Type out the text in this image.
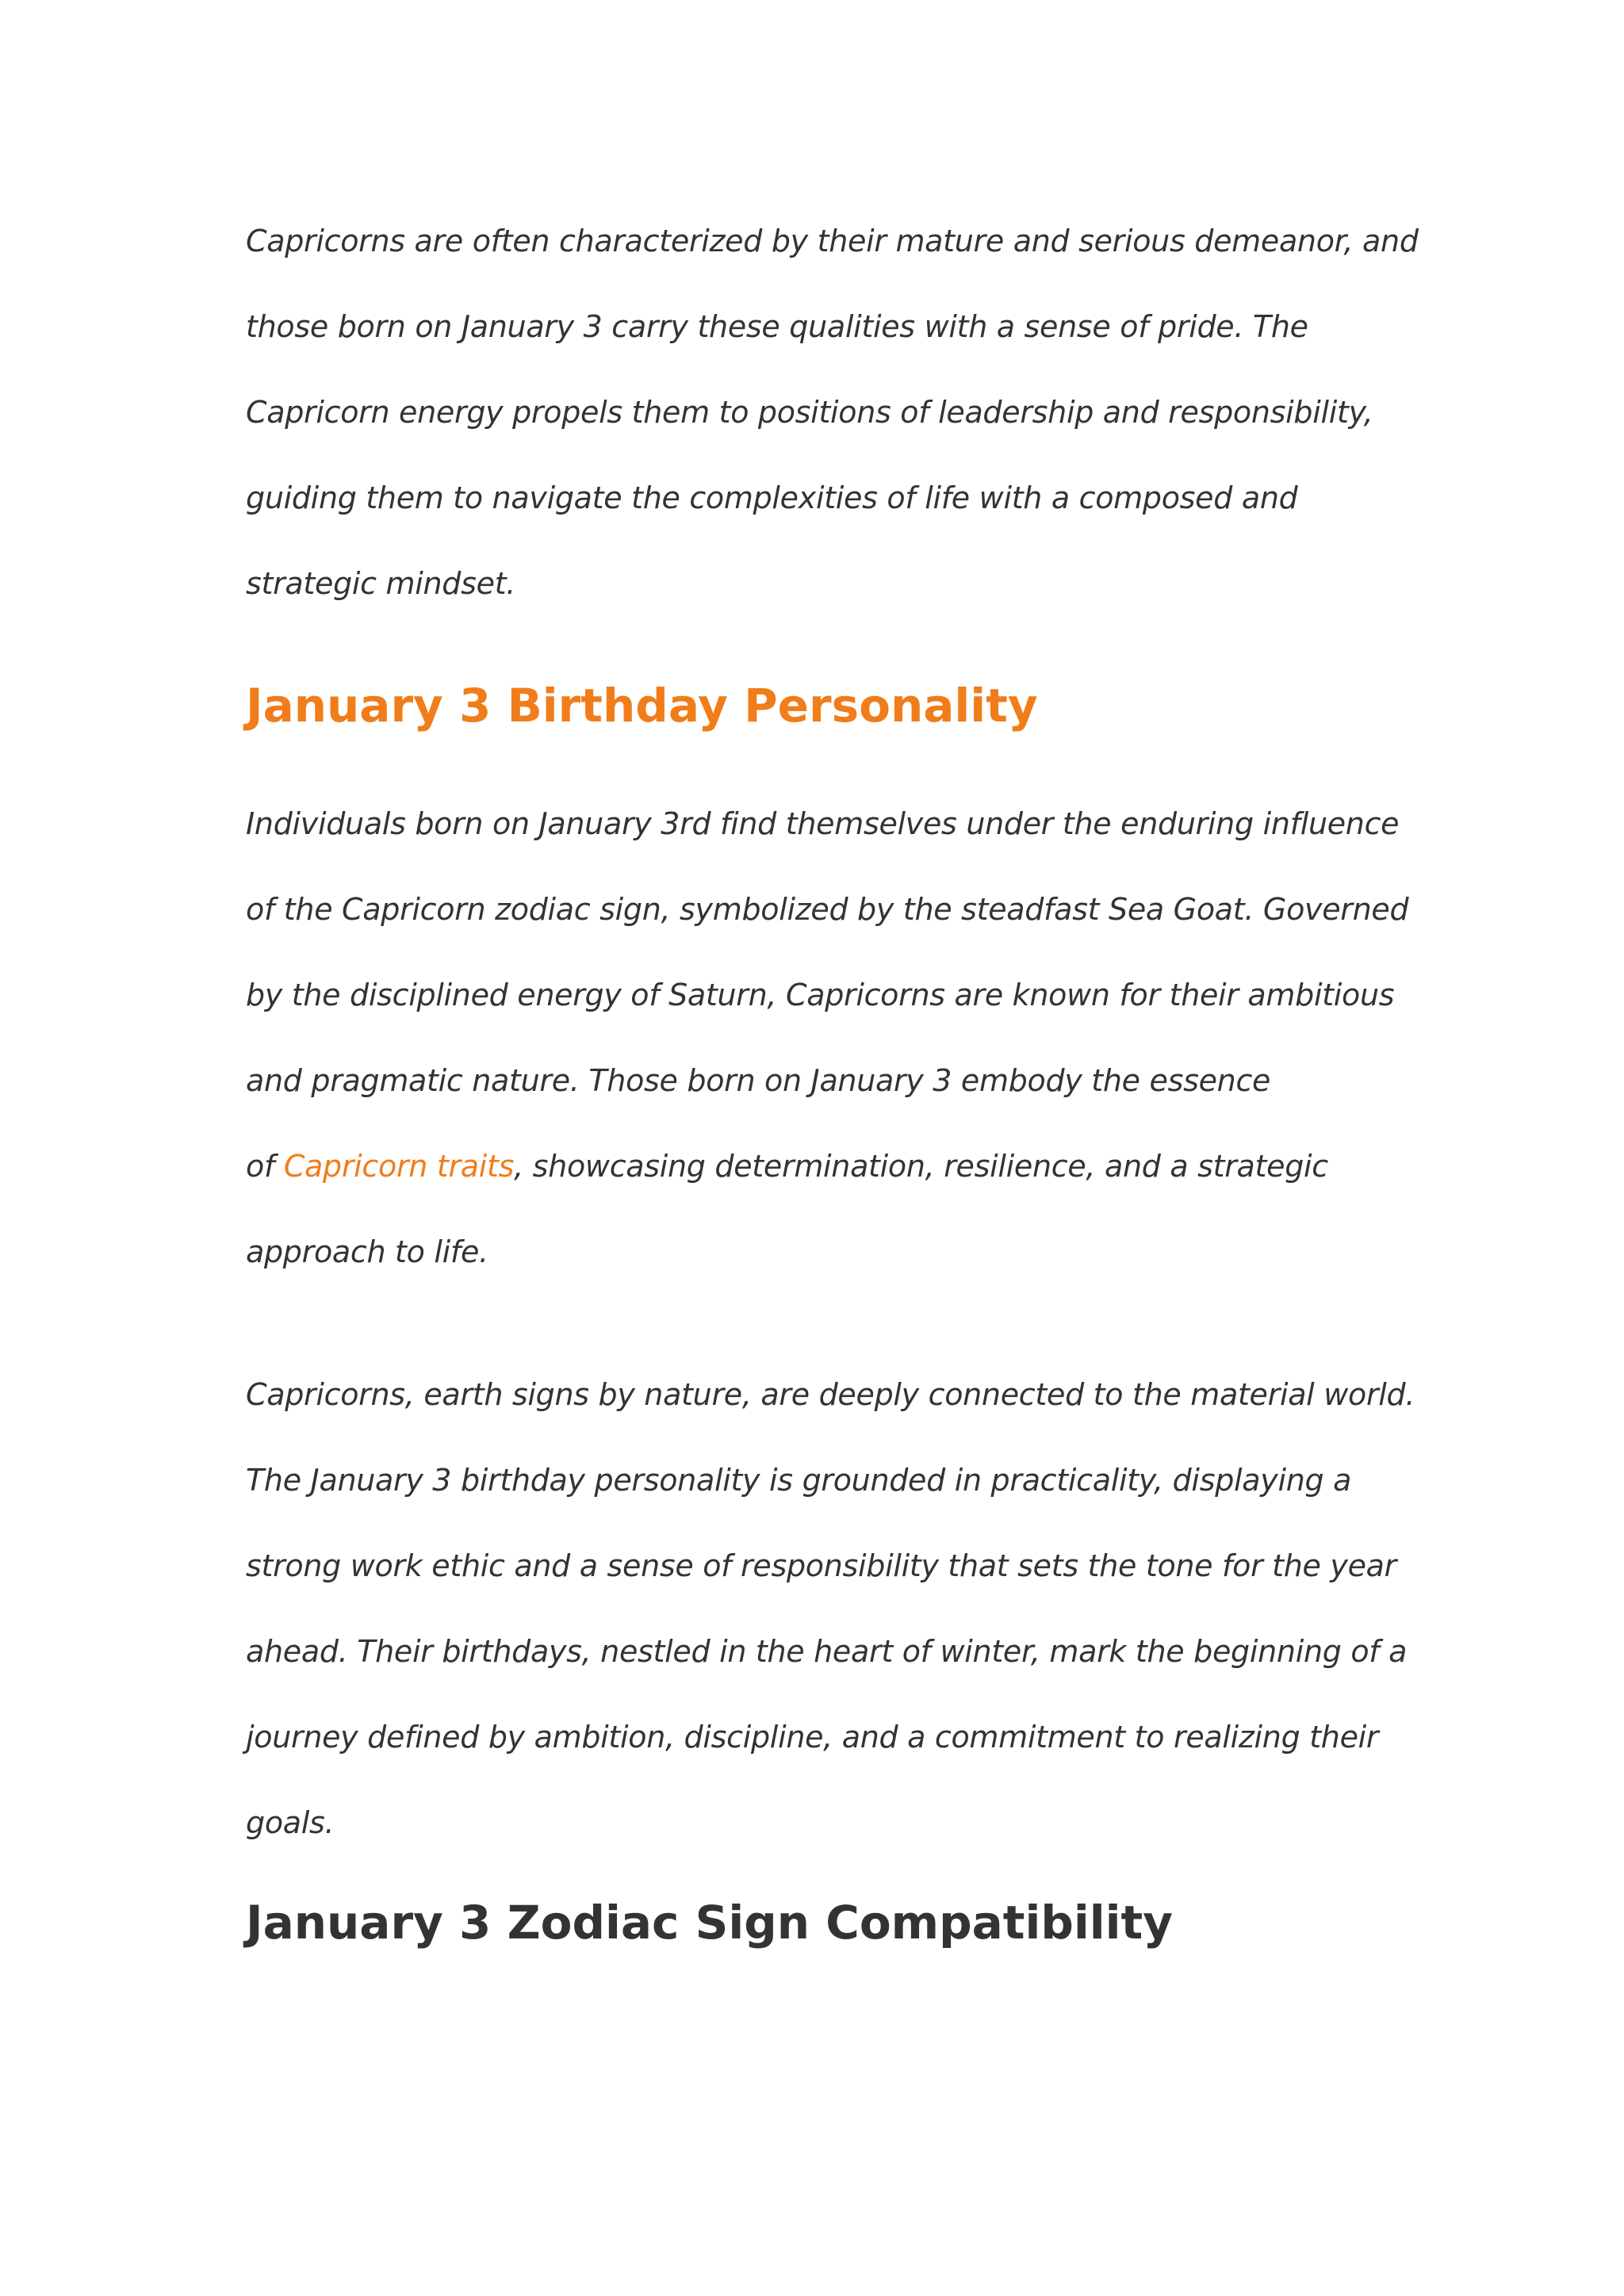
Capricorns are often characterized by their mature and serious demeanor, and
those born on January 3 carry these qualities with a sense of pride. The
Capricorn energy propels them to positions of leadership and responsibility,
guiding them to navigate the complexities of life with a composed and
strategic mindset.

January 3 Birthday Personality

Individuals born on January 3rd find themselves under the enduring influence
of the Capricorn zodiac sign, symbolized by the steadfast Sea Goat. Governed
by the disciplined energy of Saturn, Capricorns are known for their ambitious
and pragmatic nature. Those born on January 3 embody the essence
of Capricorn traits, showcasing determination, resilience, and a strategic
approach to life.

Capricorns, earth signs by nature, are deeply connected to the material world.
The January 3 birthday personality is grounded in practicality, displaying a
strong work ethic and a sense of responsibility that sets the tone for the year
ahead. Their birthdays, nestled in the heart of winter, mark the beginning of a
journey defined by ambition, discipline, and a commitment to realizing their
goals.

January 3 Zodiac Sign Compatibility
